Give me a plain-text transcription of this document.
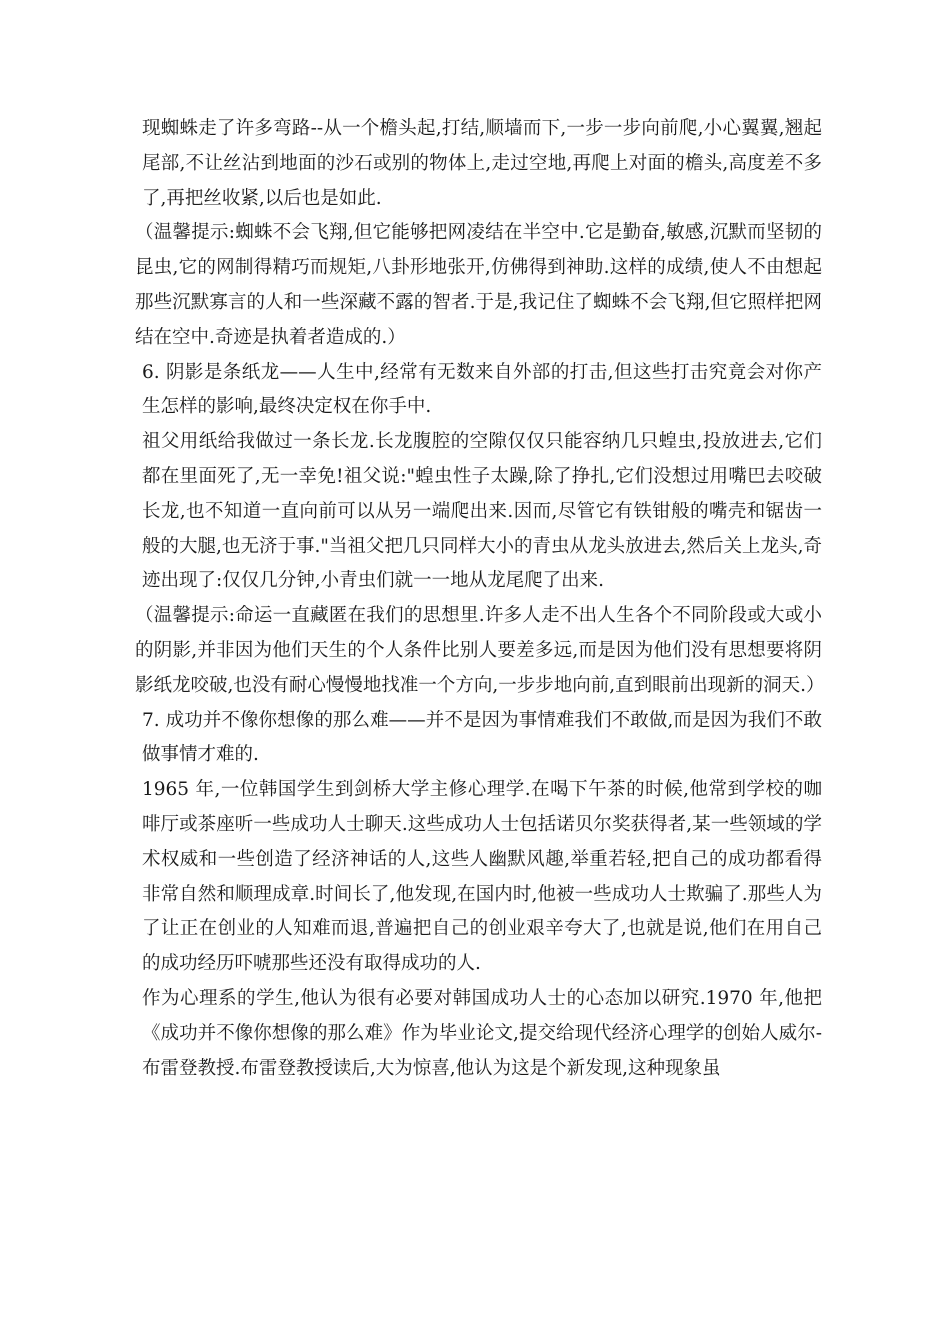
现蜘蛛走了许多弯路--从一个檐头起,打结,顺墙而下,一步一步向前爬,小心翼翼,翘起尾部,不让丝沾到地面的沙石或别的物体上,走过空地,再爬上对面的檐头,高度差不多了,再把丝收紧,以后也是如此.

（温馨提示:蜘蛛不会飞翔,但它能够把网凌结在半空中.它是勤奋,敏感,沉默而坚韧的昆虫,它的网制得精巧而规矩,八卦形地张开,仿佛得到神助.这样的成绩,使人不由想起那些沉默寡言的人和一些深藏不露的智者.于是,我记住了蜘蛛不会飞翔,但它照样把网结在空中.奇迹是执着者造成的.）

6. 阴影是条纸龙——人生中,经常有无数来自外部的打击,但这些打击究竟会对你产生怎样的影响,最终决定权在你手中.

祖父用纸给我做过一条长龙.长龙腹腔的空隙仅仅只能容纳几只蝗虫,投放进去,它们都在里面死了,无一幸免!祖父说:"蝗虫性子太躁,除了挣扎,它们没想过用嘴巴去咬破长龙,也不知道一直向前可以从另一端爬出来.因而,尽管它有铁钳般的嘴壳和锯齿一般的大腿,也无济于事."当祖父把几只同样大小的青虫从龙头放进去,然后关上龙头,奇迹出现了:仅仅几分钟,小青虫们就一一地从龙尾爬了出来.

（温馨提示:命运一直藏匿在我们的思想里.许多人走不出人生各个不同阶段或大或小的阴影,并非因为他们天生的个人条件比别人要差多远,而是因为他们没有思想要将阴影纸龙咬破,也没有耐心慢慢地找准一个方向,一步步地向前,直到眼前出现新的洞天.）

7. 成功并不像你想像的那么难——并不是因为事情难我们不敢做,而是因为我们不敢做事情才难的.

1965 年,一位韩国学生到剑桥大学主修心理学.在喝下午茶的时候,他常到学校的咖啡厅或茶座听一些成功人士聊天.这些成功人士包括诺贝尔奖获得者,某一些领域的学术权威和一些创造了经济神话的人,这些人幽默风趣,举重若轻,把自己的成功都看得非常自然和顺理成章.时间长了,他发现,在国内时,他被一些成功人士欺骗了.那些人为了让正在创业的人知难而退,普遍把自己的创业艰辛夸大了,也就是说,他们在用自己的成功经历吓唬那些还没有取得成功的人.

作为心理系的学生,他认为很有必要对韩国成功人士的心态加以研究.1970 年,他把《成功并不像你想像的那么难》作为毕业论文,提交给现代经济心理学的创始人威尔-布雷登教授.布雷登教授读后,大为惊喜,他认为这是个新发现,这种现象虽
